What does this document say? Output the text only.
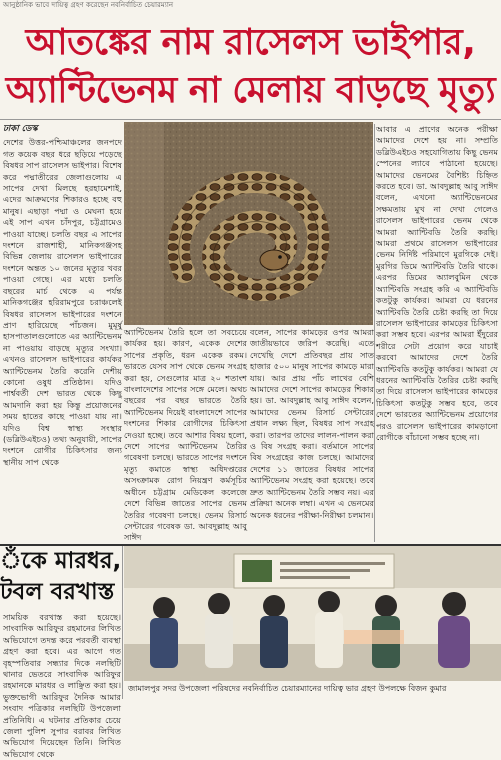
আনুষ্ঠানিক ভাবে দায়িত্ব গ্রহণ করেছেন নবনির্বাচিত চেয়ারম্যান
আতঙ্কের নাম রাসেলস ভাইপার,
অ্যান্টিভেনম না মেলায় বাড়ছে মৃত্যু
ঢাকা ডেস্ক

দেশের উত্তর-পশ্চিমাঞ্চলের জনপদে গত কয়েক বছর ধরে ছড়িয়ে পড়েছে বিষধর সাপ রাসেলস ভাইপার। বিশেষ করে পদ্মাতীরের জেলাগুলোয় এ সাপের দেখা মিলছে হরহামেশাই, এদের আক্রমণের শিকারও হচ্ছে বহু মানুষ। এছাড়া পদ্মা ও মেঘনা হয়ে এই সাপ এখন চাঁদপুর, চট্টগ্রামেও পাওয়া যাচ্ছে। চলতি বছর এ সাপের দংশনে রাজশাহী, মানিকগঞ্জসহ বিভিন্ন জেলায় রাসেলস ভাইপারের দংশনে অন্তত ১০ জনের মৃত্যুর খবর পাওয়া গেছে। এর মধ্যে চলতি বছরের মার্চ থেকে এ পর্যন্ত মানিকগঞ্জের হরিরামপুরে চরাঞ্চলেই বিষধর রাসেলস ভাইপারের দংশনে প্রাণ হারিয়েছে পাঁচজন। মুমূর্ষু হাসপাতালগুলোতে এর অ্যান্টিভেনম না পাওয়ায় বাড়ছে মৃত্যুর সংখ্যা। এখনও রাসেলস ভাইপারের কার্যকর অ্যান্টিভেনম তৈরি করেনি দেশীয় কোনো ওষুধ প্রতিষ্ঠান। যদিও পার্শ্ববর্তী দেশ ভারত থেকে কিছু আমদানি করা হয় কিন্তু প্রয়োজনের সময় হাতের কাছে পাওয়া যায় না। যদিও বিশ্ব স্বাস্থ্য সংস্থার (ডব্লিউএইচও) তথ্য অনুযায়ী, সাপের দংশনে রোগীর চিকিৎসার জন্য স্থানীয় সাপ থেকে

অ্যান্টিভেনম তৈরি হলে তা সবচেয়ে কার্যকর হয়। কারণ, একেক দেশের সাপের প্রকৃতি, ধরন একেক রকম। ভারতে যেসব সাপ থেকে ভেনম সংগ্রহ করা হয়, সেগুলোর মাত্র ২০ শতাংশ বাংলাদেশের সাপের সঙ্গে মেলে। অথচ বছরের পর বছর ভারতে তৈরি অ্যান্টিভেনম দিয়েই বাংলাদেশে সাপের দংশনের শিকার রোগীদের চিকিৎসা দেওয়া হচ্ছে। তবে আশার বিষয় হলো, দেশে সাপের অ্যান্টিভেনম তৈরির গবেষণা চলছে। ভারতে সাপের দংশনে মৃত্যু কমাতে স্বাস্থ্য অধিদপ্তরের অসংক্রামক রোগ নিয়ন্ত্রণ কর্মসূচির অধীনে চট্টগ্রাম মেডিকেল কলেজে দেশে বিভিন্ন জাতের সাপের ভেনম তৈরির গবেষণা চলছে। ভেনম রিসার্চ সেন্টারের গবেষক ডা. আবদুল্লাহ আবু সাঈদ

বলেন, সাপের কামড়ের ওপর আমরা জাতীয়ভাবে জরিপ করেছি। এতে দেখেছি দেশে প্রতিবছর প্রায় সাত হাজার ৫০০ মানুষ সাপের কামড়ে মারা যায়। আর প্রায় পাঁচ লাখের বেশি আমাদের দেশে সাপের কামড়ের শিকার হয়। ডা. আবদুল্লাহ আবু সাঈদ বলেন, আমাদের ভেনম রিসার্চ সেন্টারের প্রধান লক্ষ্য ছিল, বিষধর সাপ সংগ্রহ করা। তারপর তাদের লালন-পালন করা ও বিষ সংগ্রহ করা। বর্তমানে সাপের বিষ সংগ্রহের কাজ চলছে। আমাদের দেশের ১১ জাতের বিষধর সাপের অ্যান্টিভেনম সংগ্রহ করা হয়েছে। তবে দ্রুত অ্যান্টিভেনম তৈরি সম্ভব নয়। এর প্রক্রিয়া অনেক লম্বা। এখন এ ভেনমের অনেক ধরনের পরীক্ষা-নিরীক্ষা চলমান।

আবার এ প্রাণের অনেক পরীক্ষা আমাদের দেশে হয় না। সম্প্রতি ডব্লিউএইচও সহযোগিতায় কিছু ভেনম স্পেনের ল্যাবে পাঠানো হয়েছে। আমাদের ভেনমের বৈশিষ্ট্য চিহ্নিত করতে হবে। ডা. আবদুল্লাহ আবু সাঈদ বলেন, এখনো অ্যান্টিভেনমের সক্ষমতায় মুখ না দেখা গেলেও রাসেলস ভাইপারের ভেনম থেকে আমরা অ্যান্টিবডি তৈরি করছি। আমরা প্রথমে রাসেলস ভাইপারের ভেনম নির্দিষ্ট পরিমাণে মুরগিকে দেই। মুরগির ডিমে অ্যান্টিবডি তৈরি থাকে। এরপর ডিমের অ্যালবুমিন থেকে অ্যান্টিবডি সংগ্রহ করি এ অ্যান্টিবডি কতটুকু কার্যকর। আমরা যে ধরনের অ্যান্টিবডি তৈরি চেষ্টা করছি তা দিয়ে রাসেলস ভাইপারের কামড়ের চিকিৎসা করা সম্ভব হবে। এরপর আমরা ইঁদুরের শরীরে সেটা প্রয়োগ করে যাচাই করবো আমাদের দেশে তৈরি অ্যান্টিবডি কতটুকু কার্যকর। আমরা যে ধরনের অ্যান্টিবডি তৈরির চেষ্টা করছি তা দিয়ে রাসেলস ভাইপারের কামড়ের চিকিৎসা কতটুকু সম্ভব হবে, তবে দেশে ভারতের অ্যান্টিভেনম প্রয়োগের পরও রাসেলস ভাইপারের কামড়ানো রোগীকে বাঁচানো সম্ভব হচ্ছে না।

ঁকে মারধর,
টবল বরখাস্ত

সাময়িক বরখাস্ত করা হয়েছে। সাংবাদিক আরিফুর রহমানের লিখিত অভিযোগে তদন্ত করে পরবর্তী ব্যবস্থা গ্রহণ করা হবে। এর আগে গত বৃহস্পতিবার সন্ধ্যার দিকে নলছিটি থানার ভেতরে সাংবাদিক আরিফুর রহমানকে মারধর ও লাঞ্ছিত করা হয়। ভুক্তভোগী আরিফুর দৈনিক আমার সংবাদ পত্রিকার নলছিটি উপজেলা প্রতিনিধি। এ ঘটনার প্রতিকার চেয়ে জেলা পুলিশ সুপার বরাবর লিখিত অভিযোগ দিয়েছেন তিনি। লিখিত অভিযোগ থেকে

জামালপুর সদর উপজেলা পরিষদের নবনির্বাচিত চেয়ারম্যানের দায়িত্ব ভার গ্রহণ উপলক্ষে বিজন কুমার
